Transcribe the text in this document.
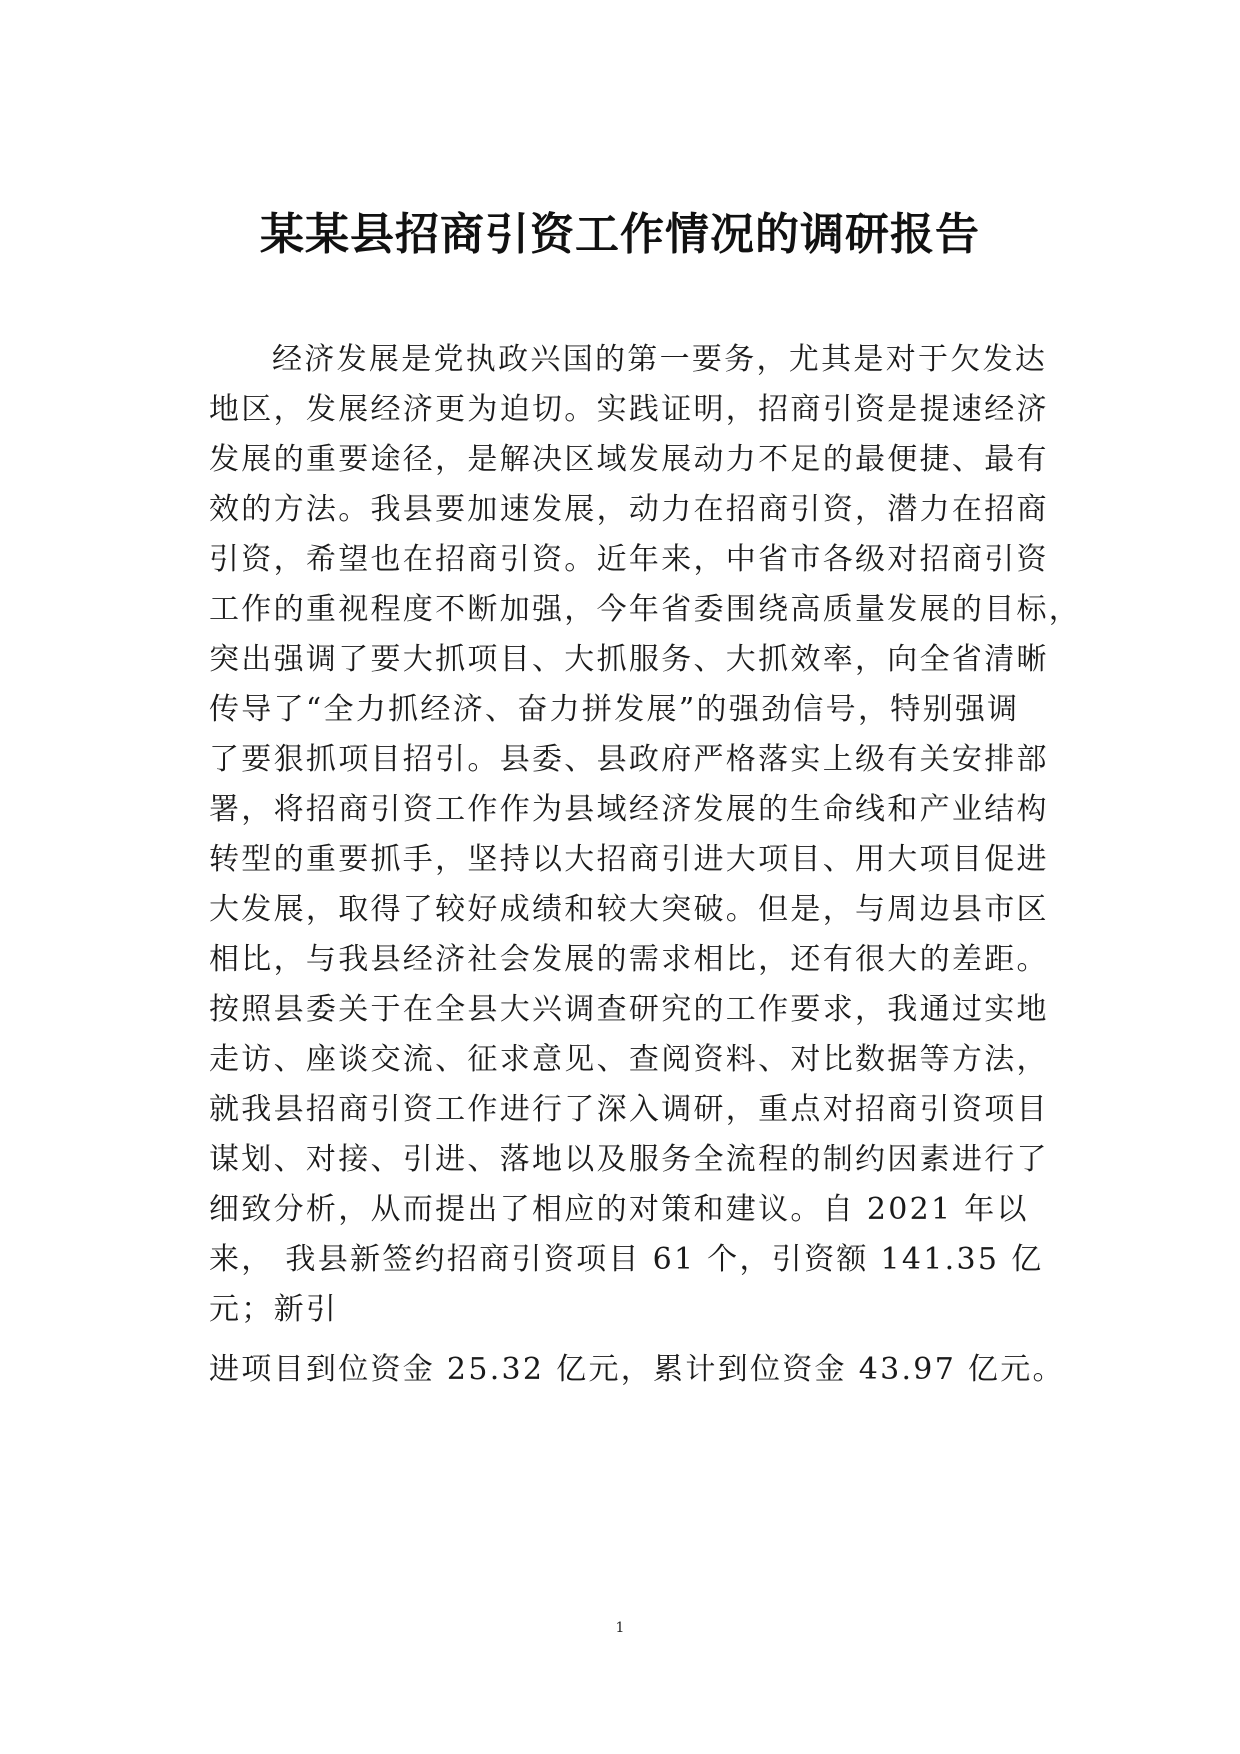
某某县招商引资工作情况的调研报告
经济发展是党执政兴国的第一要务，尤其是对于欠发达
地区，发展经济更为迫切。实践证明，招商引资是提速经济
发展的重要途径，是解决区域发展动力不足的最便捷、最有
效的方法。我县要加速发展，动力在招商引资，潜力在招商
引资，希望也在招商引资。近年来，中省市各级对招商引资
工作的重视程度不断加强，今年省委围绕高质量发展的目标，
突出强调了要大抓项目、大抓服务、大抓效率，向全省清晰
传导了“全力抓经济、奋力拼发展”的强劲信号，特别强调
了要狠抓项目招引。县委、县政府严格落实上级有关安排部
署，将招商引资工作作为县域经济发展的生命线和产业结构
转型的重要抓手，坚持以大招商引进大项目、用大项目促进
大发展，取得了较好成绩和较大突破。但是，与周边县市区
相比，与我县经济社会发展的需求相比，还有很大的差距。
按照县委关于在全县大兴调查研究的工作要求，我通过实地
走访、座谈交流、征求意见、查阅资料、对比数据等方法，
就我县招商引资工作进行了深入调研，重点对招商引资项目
谋划、对接、引进、落地以及服务全流程的制约因素进行了
细致分析，从而提出了相应的对策和建议。自 2021 年以
来， 我县新签约招商引资项目 61 个，引资额 141.35 亿
元；新引
进项目到位资金 25.32 亿元，累计到位资金 43.97 亿元。
1
